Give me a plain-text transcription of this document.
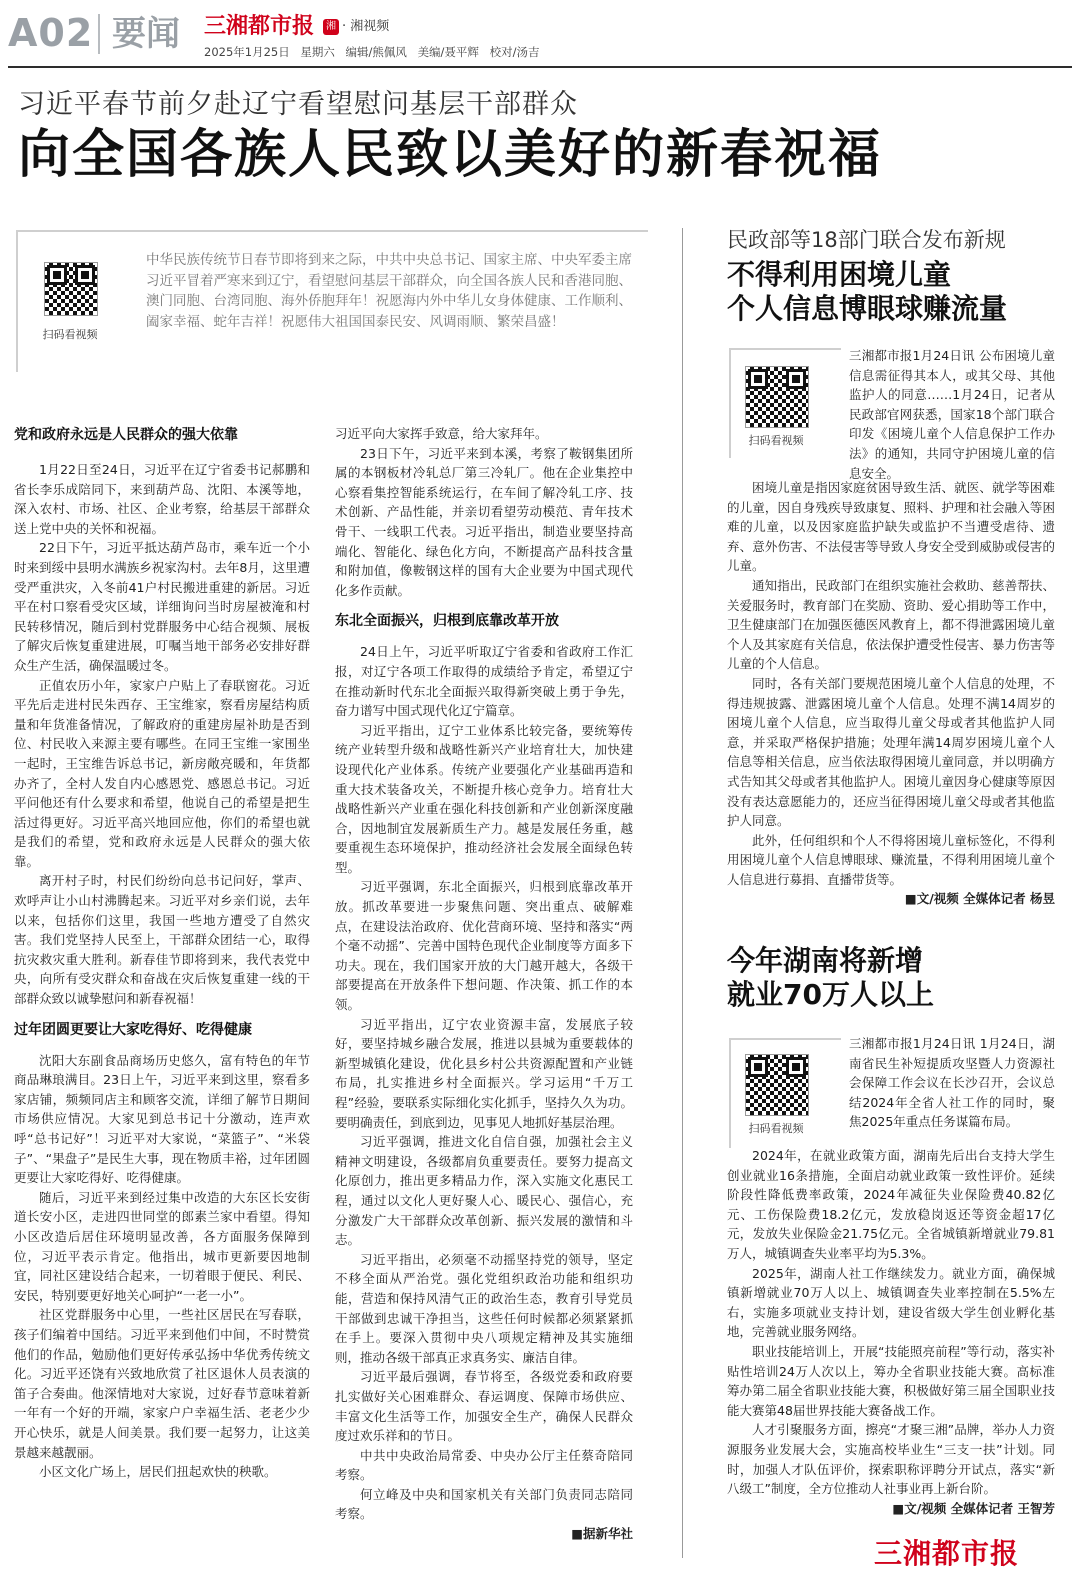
A02 要闻 三湘都市报	湘 · 湘视频
2025年1月25日 星期六 编辑/熊佩风 美编/聂平辉 校对/汤吉
习近平春节前夕赴辽宁看望慰问基层干部群众
向全国各族人民致以美好的新春祝福
扫码看视频
中华民族传统节日春节即将到来之际，中共中央总书记、国家主席、中央军委主席习近平冒着严寒来到辽宁，看望慰问基层干部群众，向全国各族人民和香港同胞、澳门同胞、台湾同胞、海外侨胞拜年！祝愿海内外中华儿女身体健康、工作顺利、阖家幸福、蛇年吉祥！祝愿伟大祖国国泰民安、风调雨顺、繁荣昌盛！
党和政府永远是人民群众的强大依靠

1月22日至24日，习近平在辽宁省委书记郝鹏和省长李乐成陪同下，来到葫芦岛、沈阳、本溪等地，深入农村、市场、社区、企业考察，给基层干部群众送上党中央的关怀和祝福。

22日下午，习近平抵达葫芦岛市，乘车近一个小时来到绥中县明水满族乡祝家沟村。去年8月，这里遭受严重洪灾，入冬前41户村民搬进重建的新居。习近平在村口察看受灾区域，详细询问当时房屋被淹和村民转移情况，随后到村党群服务中心结合视频、展板了解灾后恢复重建进展，叮嘱当地干部务必安排好群众生产生活，确保温暖过冬。

正值农历小年，家家户户贴上了春联窗花。习近平先后走进村民朱西存、王宝维家，察看房屋结构质量和年货准备情况，了解政府的重建房屋补助是否到位、村民收入来源主要有哪些。在同王宝维一家围坐一起时，王宝维告诉总书记，新房敞亮暖和，年货都办齐了，全村人发自内心感恩党、感恩总书记。习近平问他还有什么要求和希望，他说自己的希望是把生活过得更好。习近平高兴地回应他，你们的希望也就是我们的希望，党和政府永远是人民群众的强大依靠。

离开村子时，村民们纷纷向总书记问好，掌声、欢呼声让小山村沸腾起来。习近平对乡亲们说，去年以来，包括你们这里，我国一些地方遭受了自然灾害。我们党坚持人民至上，干部群众团结一心，取得抗灾救灾重大胜利。新春佳节即将到来，我代表党中央，向所有受灾群众和奋战在灾后恢复重建一线的干部群众致以诚挚慰问和新春祝福！

过年团圆更要让大家吃得好、吃得健康

沈阳大东副食品商场历史悠久，富有特色的年节商品琳琅满目。23日上午，习近平来到这里，察看多家店铺，频频同店主和顾客交流，详细了解节日期间市场供应情况。大家见到总书记十分激动，连声欢呼“总书记好”！习近平对大家说，“菜篮子”、“米袋子”、“果盘子”是民生大事，现在物质丰裕，过年团圆更要让大家吃得好、吃得健康。

随后，习近平来到经过集中改造的大东区长安街道长安小区，走进四世同堂的郎素兰家中看望。得知小区改造后居住环境明显改善，各方面服务保障到位，习近平表示肯定。他指出，城市更新要因地制宜，同社区建设结合起来，一切着眼于便民、利民、安民，特别要更好地关心呵护“一老一小”。

社区党群服务中心里，一些社区居民在写春联，孩子们编着中国结。习近平来到他们中间，不时赞赏他们的作品，勉励他们更好传承弘扬中华优秀传统文化。习近平还饶有兴致地欣赏了社区退休人员表演的笛子合奏曲。他深情地对大家说，过好春节意味着新一年有一个好的开端，家家户户幸福生活、老老少少开心快乐，就是人间美景。我们要一起努力，让这美景越来越靓丽。

小区文化广场上，居民们扭起欢快的秧歌。

习近平向大家挥手致意，给大家拜年。

23日下午，习近平来到本溪，考察了鞍钢集团所属的本钢板材冷轧总厂第三冷轧厂。他在企业集控中心察看集控智能系统运行，在车间了解冷轧工序、技术创新、产品性能，并亲切看望劳动模范、青年技术骨干、一线职工代表。习近平指出，制造业要坚持高端化、智能化、绿色化方向，不断提高产品科技含量和附加值，像鞍钢这样的国有大企业要为中国式现代化多作贡献。

东北全面振兴，归根到底靠改革开放

24日上午，习近平听取辽宁省委和省政府工作汇报，对辽宁各项工作取得的成绩给予肯定，希望辽宁在推动新时代东北全面振兴取得新突破上勇于争先，奋力谱写中国式现代化辽宁篇章。

习近平指出，辽宁工业体系比较完备，要统筹传统产业转型升级和战略性新兴产业培育壮大，加快建设现代化产业体系。传统产业要强化产业基础再造和重大技术装备攻关，不断提升核心竞争力。培育壮大战略性新兴产业重在强化科技创新和产业创新深度融合，因地制宜发展新质生产力。越是发展任务重，越要重视生态环境保护，推动经济社会发展全面绿色转型。

习近平强调，东北全面振兴，归根到底靠改革开放。抓改革要进一步聚焦问题、突出重点、破解难点，在建设法治政府、优化营商环境、坚持和落实“两个毫不动摇”、完善中国特色现代企业制度等方面多下功夫。现在，我们国家开放的大门越开越大，各级干部要提高在开放条件下想问题、作决策、抓工作的本领。

习近平指出，辽宁农业资源丰富，发展底子较好，要坚持城乡融合发展，推进以县城为重要载体的新型城镇化建设，优化县乡村公共资源配置和产业链布局，扎实推进乡村全面振兴。学习运用“千万工程”经验，要联系实际细化实化抓手，坚持久久为功。要明确责任，到底到边，见事见人地抓好基层治理。

习近平强调，推进文化自信自强，加强社会主义精神文明建设，各级都肩负重要责任。要努力提高文化原创力，推出更多精品力作，深入实施文化惠民工程，通过以文化人更好聚人心、暖民心、强信心，充分激发广大干部群众改革创新、振兴发展的激情和斗志。

习近平指出，必须毫不动摇坚持党的领导，坚定不移全面从严治党。强化党组织政治功能和组织功能，营造和保持风清气正的政治生态，教育引导党员干部做到忠诚干净担当，这些任何时候都必须紧紧抓在手上。要深入贯彻中央八项规定精神及其实施细则，推动各级干部真正求真务实、廉洁自律。

习近平最后强调，春节将至，各级党委和政府要扎实做好关心困难群众、春运调度、保障市场供应、丰富文化生活等工作，加强安全生产，确保人民群众度过欢乐祥和的节日。

中共中央政治局常委、中央办公厅主任蔡奇陪同考察。

何立峰及中央和国家机关有关部门负责同志陪同考察。

■据新华社
民政部等18部门联合发布新规
不得利用困境儿童
个人信息博眼球赚流量
扫码看视频
三湘都市报1月24日讯 公布困境儿童信息需征得其本人，或其父母、其他监护人的同意……1月24日，记者从民政部官网获悉，国家18个部门联合印发《困境儿童个人信息保护工作办法》的通知，共同守护困境儿童的信息安全。

困境儿童是指因家庭贫困导致生活、就医、就学等困难的儿童，因自身残疾导致康复、照料、护理和社会融入等困难的儿童，以及因家庭监护缺失或监护不当遭受虐待、遗弃、意外伤害、不法侵害等导致人身安全受到威胁或侵害的儿童。

通知指出，民政部门在组织实施社会救助、慈善帮扶、关爱服务时，教育部门在奖励、资助、爱心捐助等工作中，卫生健康部门在加强医德医风教育上，都不得泄露困境儿童个人及其家庭有关信息，依法保护遭受性侵害、暴力伤害等儿童的个人信息。

同时，各有关部门要规范困境儿童个人信息的处理，不得违规披露、泄露困境儿童个人信息。处理不满14周岁的困境儿童个人信息，应当取得儿童父母或者其他监护人同意，并采取严格保护措施；处理年满14周岁困境儿童个人信息等相关信息，应当依法取得困境儿童同意，并以明确方式告知其父母或者其他监护人。困境儿童因身心健康等原因没有表达意愿能力的，还应当征得困境儿童父母或者其他监护人同意。

此外，任何组织和个人不得将困境儿童标签化，不得利用困境儿童个人信息博眼球、赚流量，不得利用困境儿童个人信息进行募捐、直播带货等。

■文/视频 全媒体记者 杨昱
今年湖南将新增
就业70万人以上
扫码看视频
三湘都市报1月24日讯 1月24日，湖南省民生补短提质攻坚暨人力资源社会保障工作会议在长沙召开，会议总结2024年全省人社工作的同时，聚焦2025年重点任务谋篇布局。

2024年，在就业政策方面，湖南先后出台支持大学生创业就业16条措施，全面启动就业政策一致性评价。延续阶段性降低费率政策，2024年减征失业保险费40.82亿元、工伤保险费18.2亿元，发放稳岗返还等资金超17亿元，发放失业保险金21.75亿元。全省城镇新增就业79.81万人，城镇调查失业率平均为5.3%。

2025年，湖南人社工作继续发力。就业方面，确保城镇新增就业70万人以上、城镇调查失业率控制在5.5%左右，实施多项就业支持计划，建设省级大学生创业孵化基地，完善就业服务网络。

职业技能培训上，开展“技能照亮前程”等行动，落实补贴性培训24万人次以上，筹办全省职业技能大赛。高标准筹办第二届全省职业技能大赛，积极做好第三届全国职业技能大赛第48届世界技能大赛备战工作。

人才引聚服务方面，擦亮“才聚三湘”品牌，举办人力资源服务业发展大会，实施高校毕业生“三支一扶”计划。同时，加强人才队伍评价，探索职称评聘分开试点，落实“新八级工”制度，全方位推动人社事业再上新台阶。

■文/视频 全媒体记者 王智芳
三湘都市报
